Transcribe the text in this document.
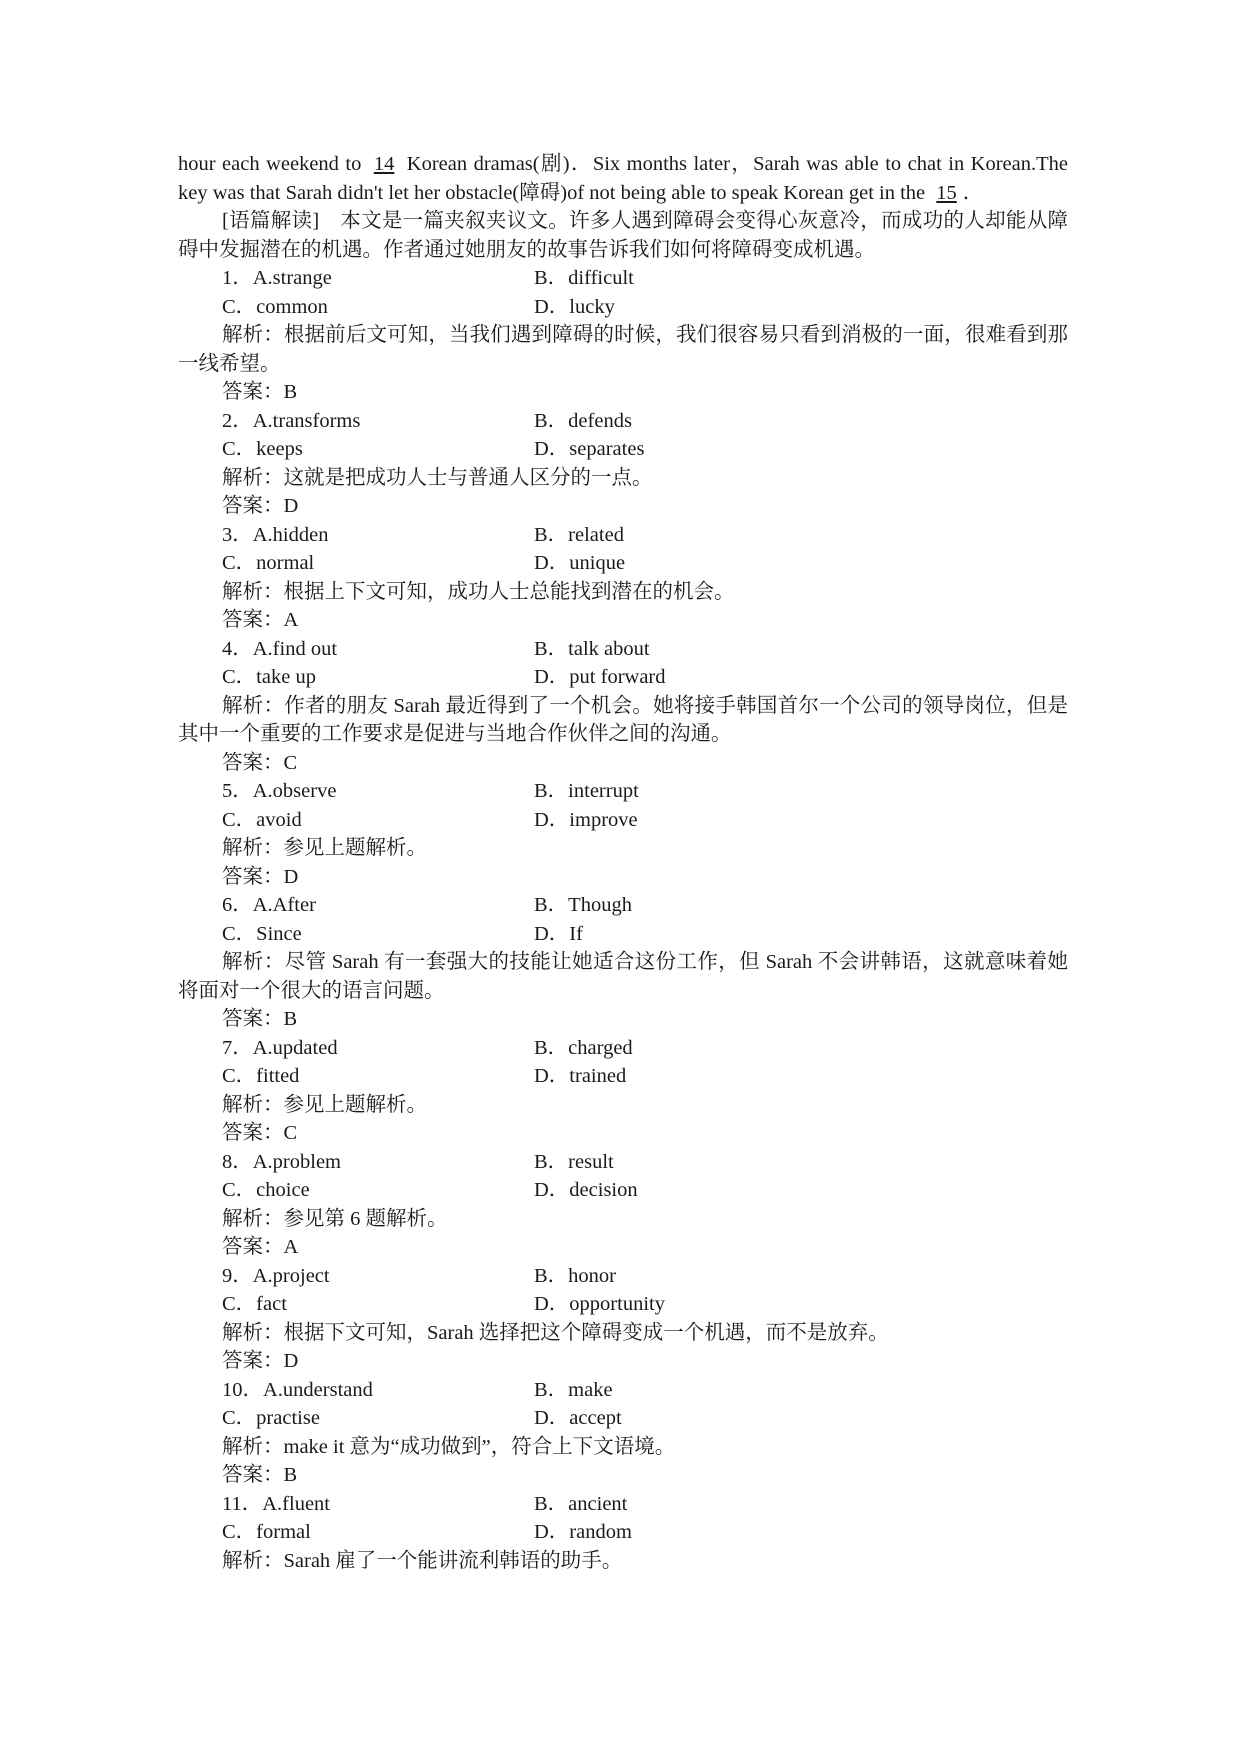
hour each weekend to 14 Korean dramas(剧)．Six months later，Sarah was able to chat in Korean.The key was that Sarah didn't let her obstacle(障碍)of not being able to speak Korean get in the 15 ．
[语篇解读]　 本文是一篇夹叙夹议文。许多人遇到障碍会变得心灰意冷，而成功的人却能从障碍中发掘潜在的机遇。作者通过她朋友的故事告诉我们如何将障碍变成机遇。
1．A.strange	B．difficult
C．common	D．lucky
解析：根据前后文可知，当我们遇到障碍的时候，我们很容易只看到消极的一面，很难看到那一线希望。
答案：B
2．A.transforms	B．defends
C．keeps	D．separates
解析：这就是把成功人士与普通人区分的一点。
答案：D
3．A.hidden	B．related
C．normal	D．unique
解析：根据上下文可知，成功人士总能找到潜在的机会。
答案：A
4．A.find out	B．talk about
C．take up	D．put forward
解析：作者的朋友 Sarah 最近得到了一个机会。她将接手韩国首尔一个公司的领导岗位，但是其中一个重要的工作要求是促进与当地合作伙伴之间的沟通。
答案：C
5．A.observe	B．interrupt
C．avoid	D．improve
解析：参见上题解析。
答案：D
6．A.After	B．Though
C．Since	D．If
解析：尽管 Sarah 有一套强大的技能让她适合这份工作，但 Sarah 不会讲韩语，这就意味着她将面对一个很大的语言问题。
答案：B
7．A.updated	B．charged
C．fitted	D．trained
解析：参见上题解析。
答案：C
8．A.problem	B．result
C．choice	D．decision
解析：参见第 6 题解析。
答案：A
9．A.project	B．honor
C．fact	D．opportunity
解析：根据下文可知，Sarah 选择把这个障碍变成一个机遇，而不是放弃。
答案：D
10．A.understand	B．make
C．practise	D．accept
解析：make it 意为“成功做到”，符合上下文语境。
答案：B
11．A.fluent	B．ancient
C．formal	D．random
解析：Sarah 雇了一个能讲流利韩语的助手。
